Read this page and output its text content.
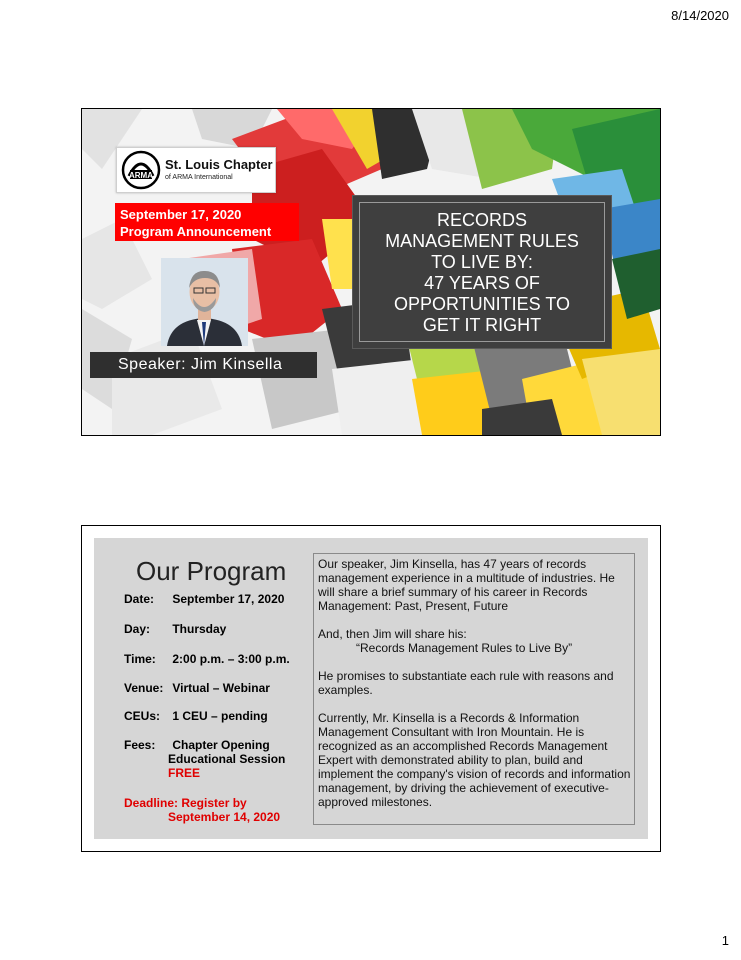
8/14/2020
ARMA
St. Louis Chapter
of ARMA International
September 17, 2020
Program Announcement
Speaker: Jim Kinsella
RECORDS
MANAGEMENT RULES
TO LIVE BY:
47 YEARS OF
OPPORTUNITIES TO
GET IT RIGHT
Our Program
Date: September 17, 2020
Day: Thursday
Time: 2:00 p.m. – 3:00 p.m.
Venue: Virtual – Webinar
CEUs: 1 CEU – pending
Fees: Chapter Opening
Educational Session
FREE
Deadline: Register by
September 14, 2020

Our speaker, Jim Kinsella, has 47 years of records management experience in a multitude of industries. He will share a brief summary of his career in Records Management: Past, Present, Future

And, then Jim will share his:
“Records Management Rules to Live By”

He promises to substantiate each rule with reasons and examples.

Currently, Mr. Kinsella is a Records & Information Management Consultant with Iron Mountain. He is recognized as an accomplished Records Management Expert with demonstrated ability to plan, build and implement the company's vision of records and information management, by driving the achievement of executive-approved milestones.

1
